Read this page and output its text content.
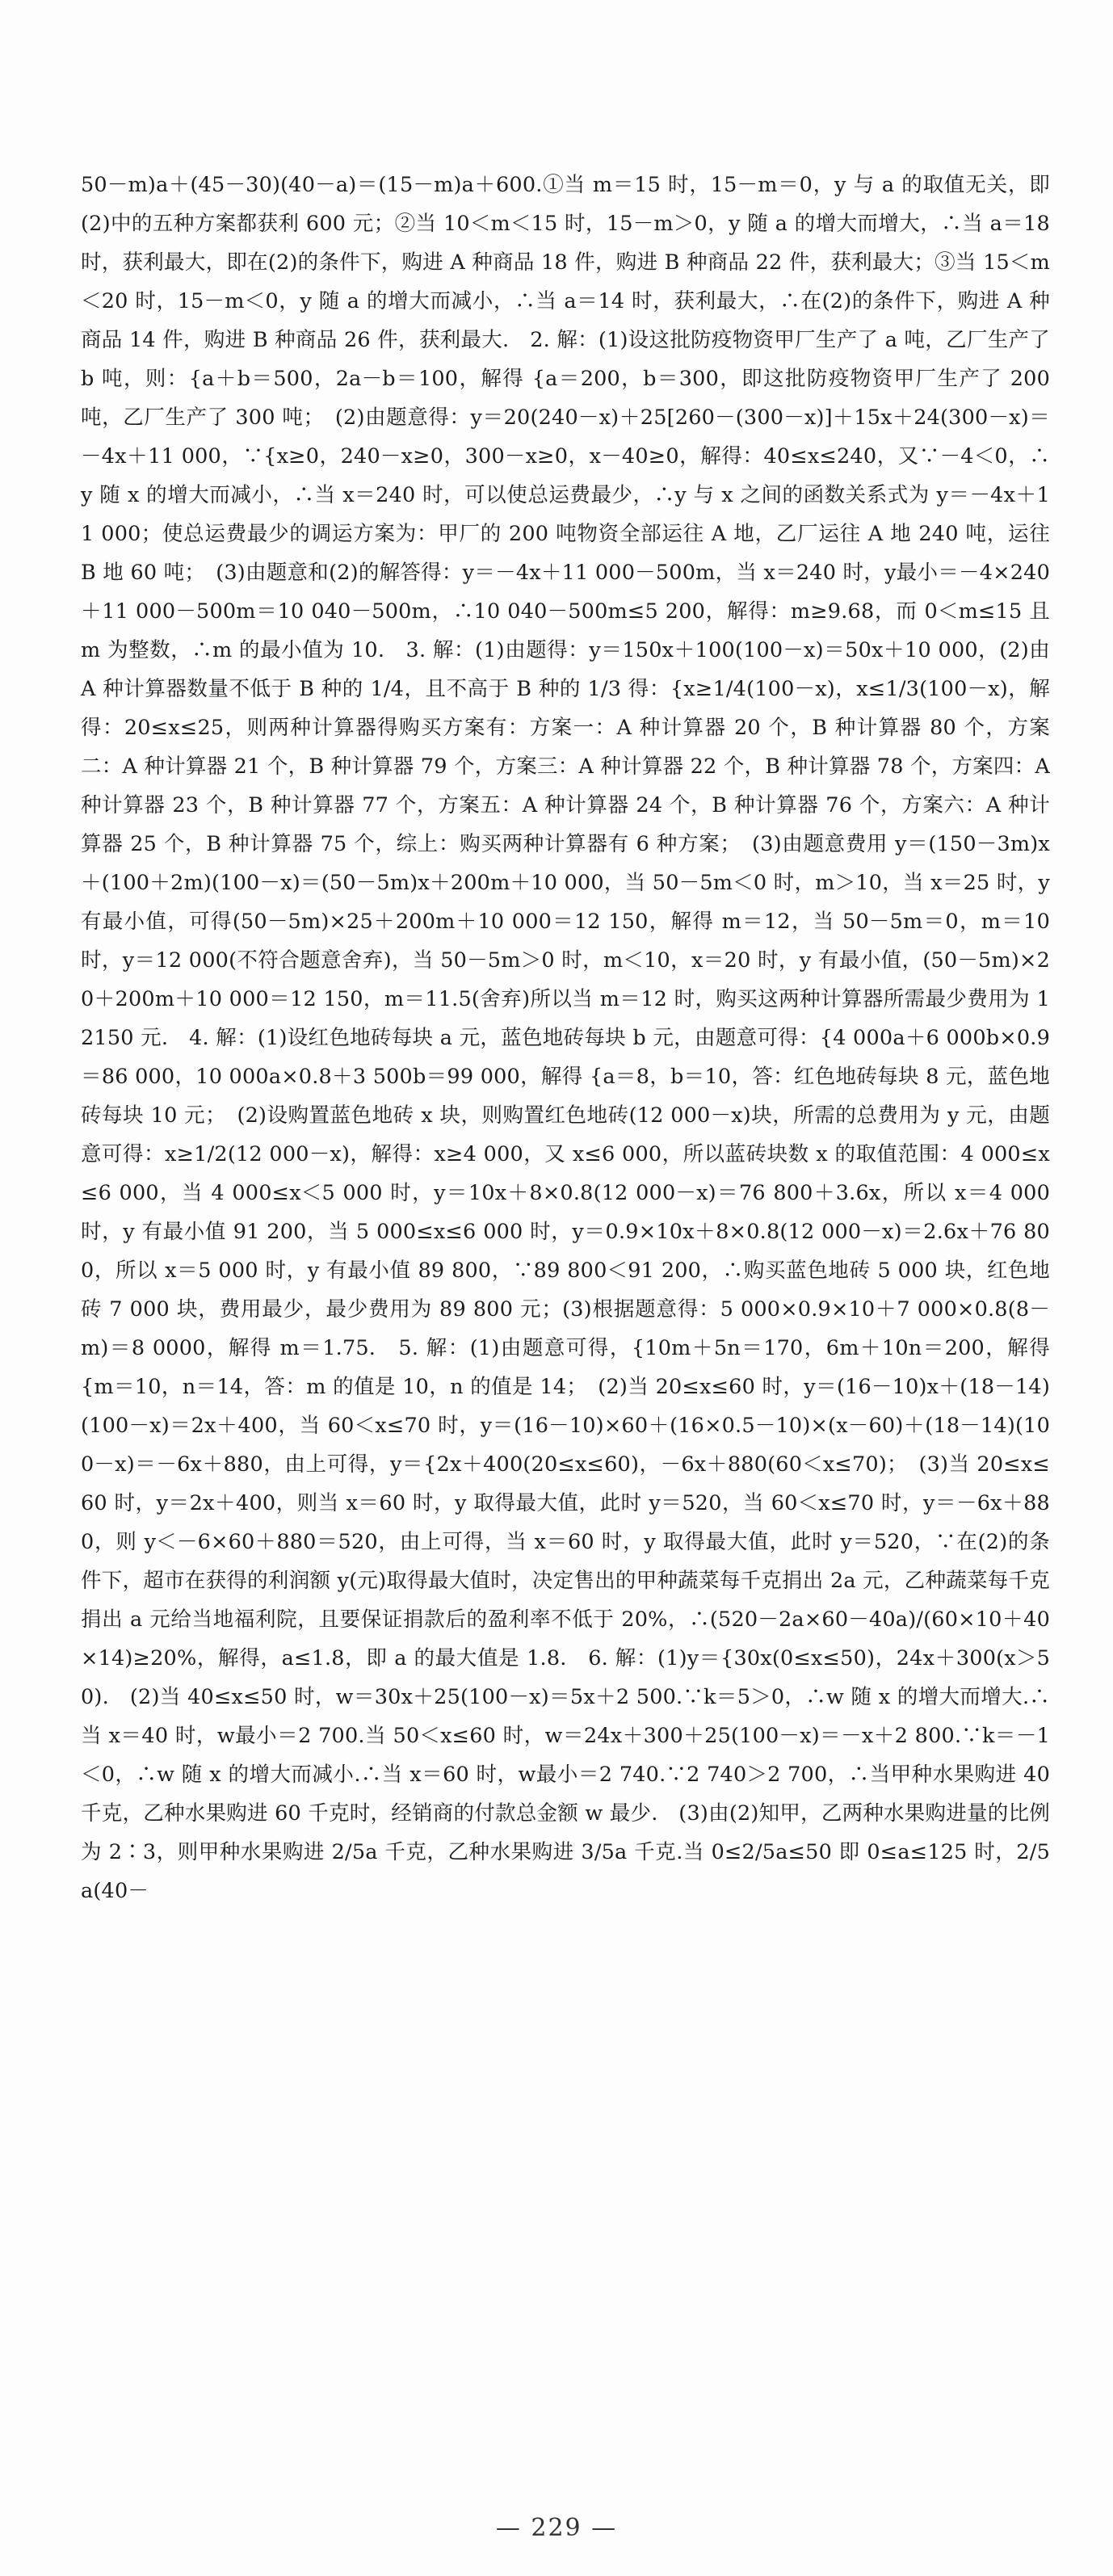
50－m)a＋(45－30)(40－a)＝(15－m)a＋600.①当 m＝15 时，15－m＝0，y 与 a 的取值无关，即(2)中的五种方案都获利 600 元；②当 10＜m＜15 时，15－m＞0，y 随 a 的增大而增大，∴当 a＝18 时，获利最大，即在(2)的条件下，购进 A 种商品 18 件，购进 B 种商品 22 件，获利最大；③当 15＜m＜20 时，15－m＜0，y 随 a 的增大而减小，∴当 a＝14 时，获利最大，∴在(2)的条件下，购进 A 种商品 14 件，购进 B 种商品 26 件，获利最大.　2. 解：(1)设这批防疫物资甲厂生产了 a 吨，乙厂生产了 b 吨，则：{a＋b＝500，2a－b＝100，解得 {a＝200，b＝300，即这批防疫物资甲厂生产了 200 吨，乙厂生产了 300 吨；　(2)由题意得：y＝20(240－x)＋25[260－(300－x)]＋15x＋24(300－x)＝－4x＋11 000，∵{x≥0，240－x≥0，300－x≥0，x－40≥0，解得：40≤x≤240，又∵－4＜0，∴y 随 x 的增大而减小，∴当 x＝240 时，可以使总运费最少，∴y 与 x 之间的函数关系式为 y＝－4x＋11 000；使总运费最少的调运方案为：甲厂的 200 吨物资全部运往 A 地，乙厂运往 A 地 240 吨，运往 B 地 60 吨；　(3)由题意和(2)的解答得：y＝－4x＋11 000－500m，当 x＝240 时，y最小＝－4×240＋11 000－500m＝10 040－500m，∴10 040－500m≤5 200，解得：m≥9.68，而 0＜m≤15 且 m 为整数，∴m 的最小值为 10.　3. 解：(1)由题得：y＝150x＋100(100－x)＝50x＋10 000，(2)由 A 种计算器数量不低于 B 种的 1/4，且不高于 B 种的 1/3 得：{x≥1/4(100－x)，x≤1/3(100－x)，解得：20≤x≤25，则两种计算器得购买方案有：方案一：A 种计算器 20 个，B 种计算器 80 个，方案二：A 种计算器 21 个，B 种计算器 79 个，方案三：A 种计算器 22 个，B 种计算器 78 个，方案四：A 种计算器 23 个，B 种计算器 77 个，方案五：A 种计算器 24 个，B 种计算器 76 个，方案六：A 种计算器 25 个，B 种计算器 75 个，综上：购买两种计算器有 6 种方案；　(3)由题意费用 y＝(150－3m)x＋(100＋2m)(100－x)＝(50－5m)x＋200m＋10 000，当 50－5m＜0 时，m＞10，当 x＝25 时，y 有最小值，可得(50－5m)×25＋200m＋10 000＝12 150，解得 m＝12，当 50－5m＝0，m＝10 时，y＝12 000(不符合题意舍弃)，当 50－5m＞0 时，m＜10，x＝20 时，y 有最小值，(50－5m)×20＋200m＋10 000＝12 150，m＝11.5(舍弃)所以当 m＝12 时，购买这两种计算器所需最少费用为 12150 元.　4. 解：(1)设红色地砖每块 a 元，蓝色地砖每块 b 元，由题意可得：{4 000a＋6 000b×0.9＝86 000，10 000a×0.8＋3 500b＝99 000，解得 {a＝8，b＝10，答：红色地砖每块 8 元，蓝色地砖每块 10 元；　(2)设购置蓝色地砖 x 块，则购置红色地砖(12 000－x)块，所需的总费用为 y 元，由题意可得：x≥1/2(12 000－x)，解得：x≥4 000，又 x≤6 000，所以蓝砖块数 x 的取值范围：4 000≤x≤6 000，当 4 000≤x＜5 000 时，y＝10x＋8×0.8(12 000－x)＝76 800＋3.6x，所以 x＝4 000 时，y 有最小值 91 200，当 5 000≤x≤6 000 时，y＝0.9×10x＋8×0.8(12 000－x)＝2.6x＋76 800，所以 x＝5 000 时，y 有最小值 89 800，∵89 800＜91 200，∴购买蓝色地砖 5 000 块，红色地砖 7 000 块，费用最少，最少费用为 89 800 元；(3)根据题意得：5 000×0.9×10＋7 000×0.8(8－m)＝8 0000，解得 m＝1.75.　5. 解：(1)由题意可得，{10m＋5n＝170，6m＋10n＝200，解得 {m＝10，n＝14，答：m 的值是 10，n 的值是 14；　(2)当 20≤x≤60 时，y＝(16－10)x＋(18－14)(100－x)＝2x＋400，当 60＜x≤70 时，y＝(16－10)×60＋(16×0.5－10)×(x－60)＋(18－14)(100－x)＝－6x＋880，由上可得，y＝{2x＋400(20≤x≤60)，－6x＋880(60＜x≤70)；　(3)当 20≤x≤60 时，y＝2x＋400，则当 x＝60 时，y 取得最大值，此时 y＝520，当 60＜x≤70 时，y＝－6x＋880，则 y＜－6×60＋880＝520，由上可得，当 x＝60 时，y 取得最大值，此时 y＝520，∵在(2)的条件下，超市在获得的利润额 y(元)取得最大值时，决定售出的甲种蔬菜每千克捐出 2a 元，乙种蔬菜每千克捐出 a 元给当地福利院，且要保证捐款后的盈利率不低于 20%，∴(520－2a×60－40a)/(60×10＋40×14)≥20%，解得，a≤1.8，即 a 的最大值是 1.8.　6. 解：(1)y＝{30x(0≤x≤50)，24x＋300(x＞50).　(2)当 40≤x≤50 时，w＝30x＋25(100－x)＝5x＋2 500.∵k＝5＞0，∴w 随 x 的增大而增大.∴当 x＝40 时，w最小＝2 700.当 50＜x≤60 时，w＝24x＋300＋25(100－x)＝－x＋2 800.∵k＝－1＜0，∴w 随 x 的增大而减小.∴当 x＝60 时，w最小＝2 740.∵2 740＞2 700，∴当甲种水果购进 40 千克，乙种水果购进 60 千克时，经销商的付款总金额 w 最少.　(3)由(2)知甲，乙两种水果购进量的比例为 2∶3，则甲种水果购进 2/5a 千克，乙种水果购进 3/5a 千克.当 0≤2/5a≤50 即 0≤a≤125 时，2/5a(40－

— 229 —
